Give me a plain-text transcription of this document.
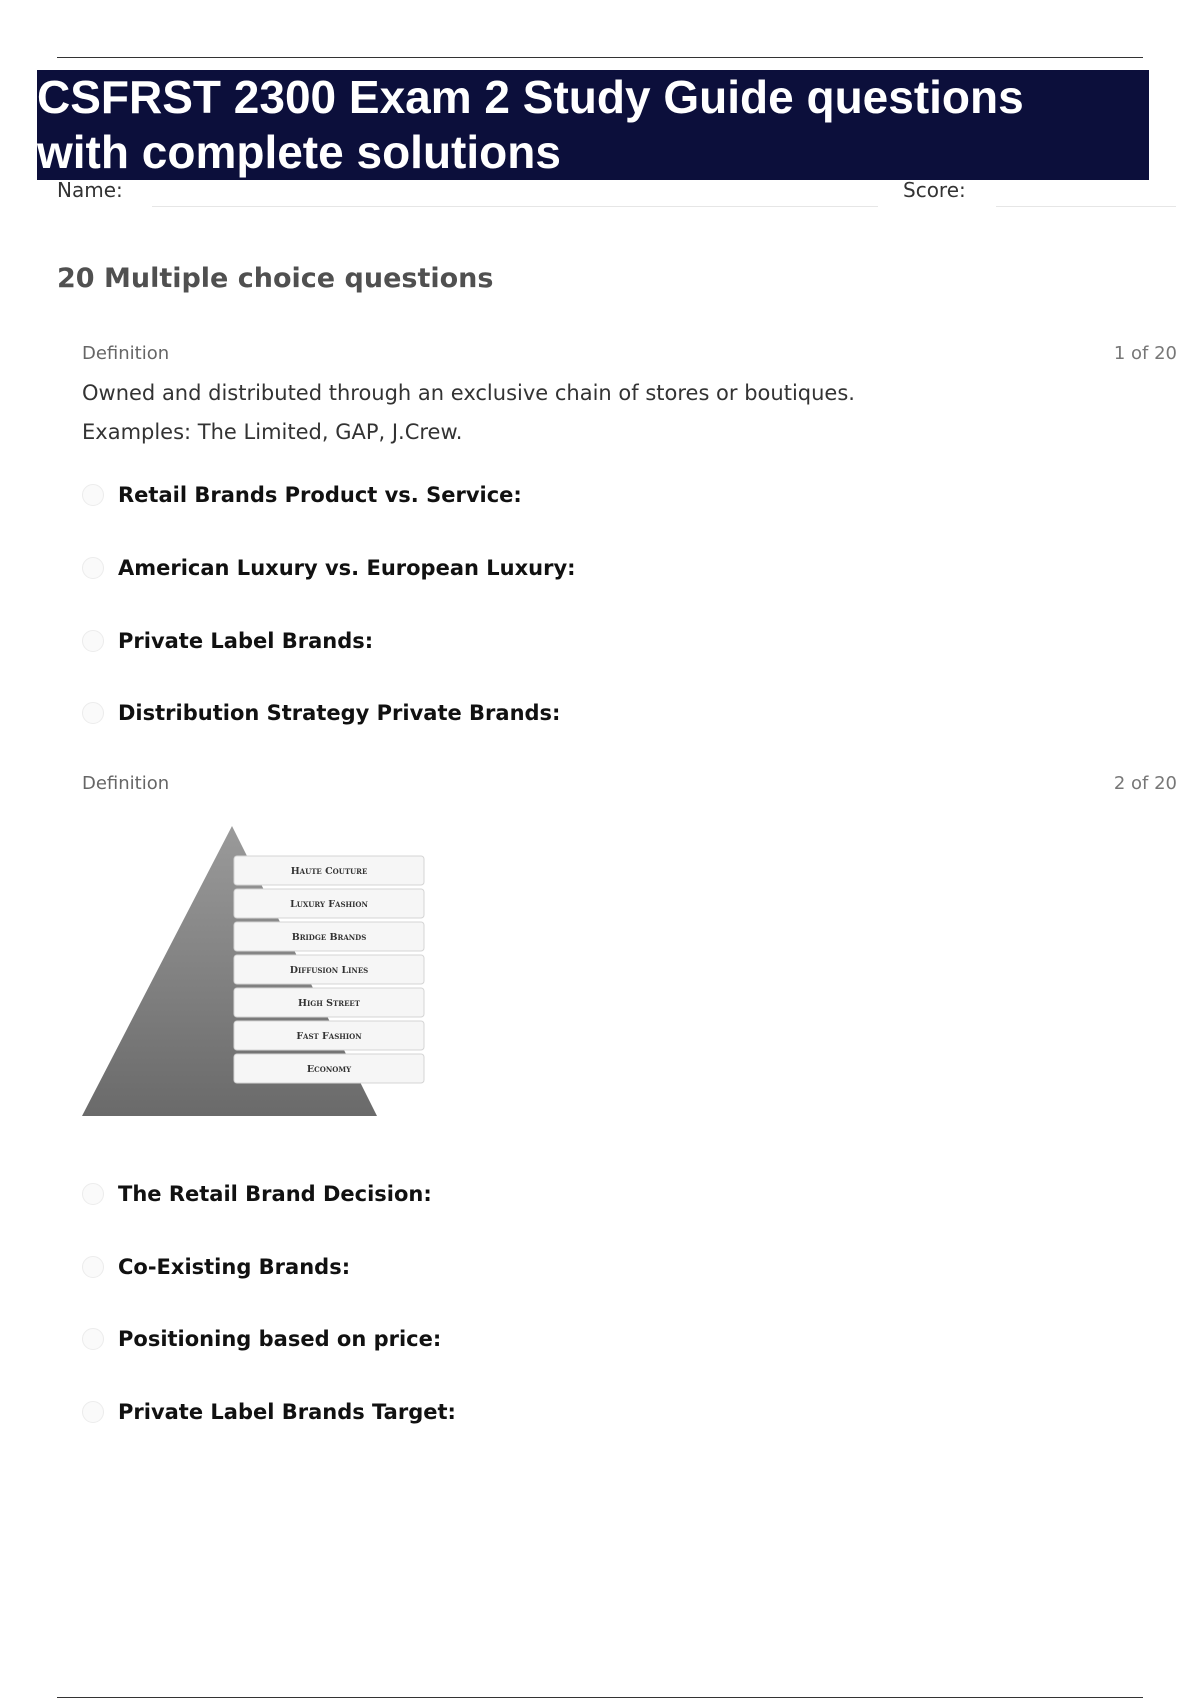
CSFRST 2300 Exam 2 Study Guide questions
with complete solutions
Name:	Score:
20 Multiple choice questions
Definition	1 of 20
Owned and distributed through an exclusive chain of stores or boutiques.
Examples: The Limited, GAP, J.Crew.
Retail Brands Product vs. Service:
American Luxury vs. European Luxury:
Private Label Brands:
Distribution Strategy Private Brands:
Definition	2 of 20
Haute Couture
Luxury Fashion
Bridge Brands
Diffusion Lines
High Street
Fast Fashion
Economy
The Retail Brand Decision:
Co-Existing Brands:
Positioning based on price:
Private Label Brands Target:
